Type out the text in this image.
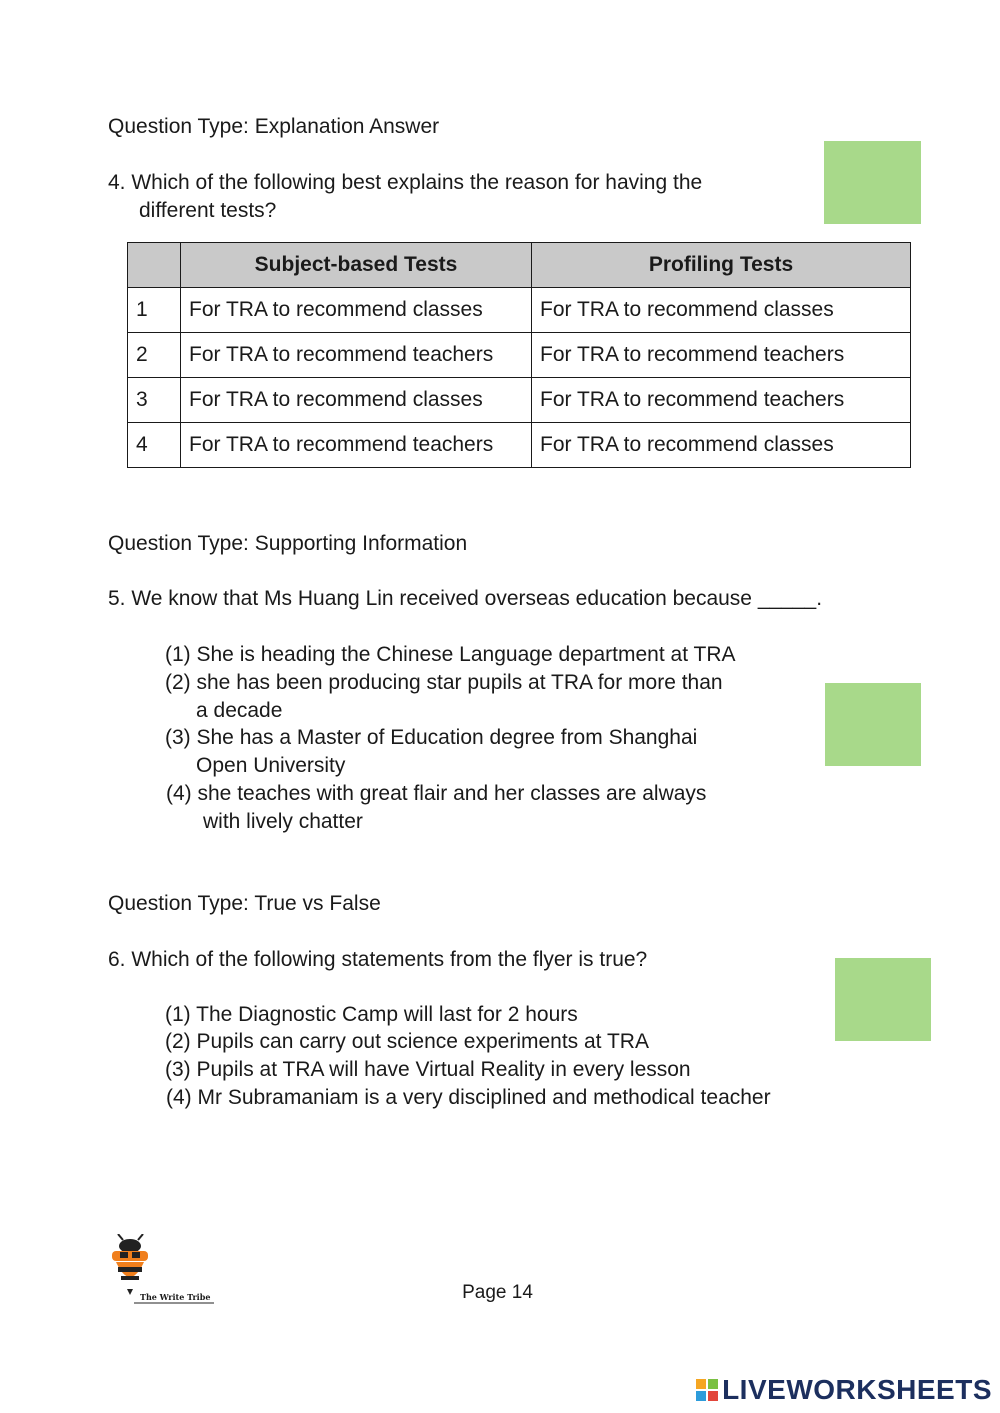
Question Type: Explanation Answer
4. Which of the following best explains the reason for having the
different tests?
	Subject-based Tests	Profiling Tests
1	For TRA to recommend classes	For TRA to recommend classes
2	For TRA to recommend teachers	For TRA to recommend teachers
3	For TRA to recommend classes	For TRA to recommend teachers
4	For TRA to recommend teachers	For TRA to recommend classes
Question Type: Supporting Information
5. We know that Ms Huang Lin received overseas education because _____.
(1) She is heading the Chinese Language department at TRA
(2) she has been producing star pupils at TRA for more than
a decade
(3) She has a Master of Education degree from Shanghai
Open University
(4) she teaches with great flair and her classes are always
with lively chatter
Question Type: True vs False
6. Which of the following statements from the flyer is true?
(1) The Diagnostic Camp will last for 2 hours
(2) Pupils can carry out science experiments at TRA
(3) Pupils at TRA will have Virtual Reality in every lesson
(4) Mr Subramaniam is a very disciplined and methodical teacher
The Write Tribe	Page 14
LIVEWORKSHEETS
